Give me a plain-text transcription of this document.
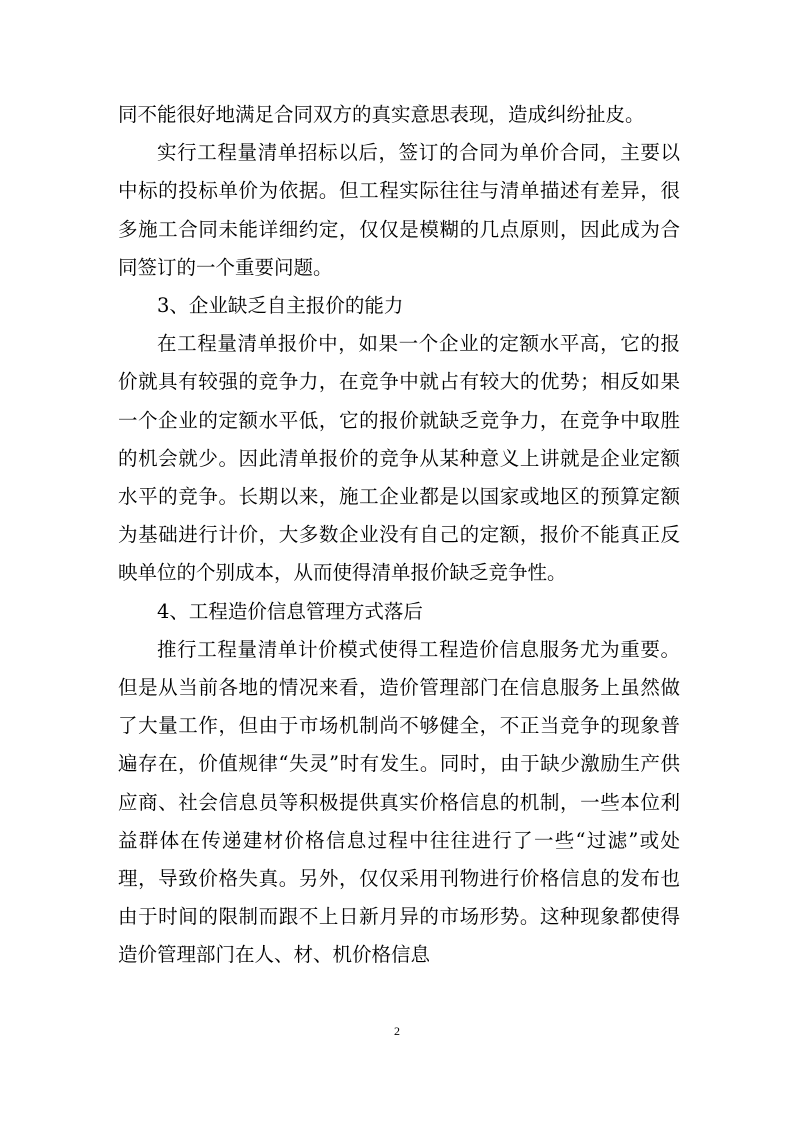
同不能很好地满足合同双方的真实意思表现，造成纠纷扯皮。

实行工程量清单招标以后，签订的合同为单价合同，主要以中标的投标单价为依据。但工程实际往往与清单描述有差异，很多施工合同未能详细约定，仅仅是模糊的几点原则，因此成为合同签订的一个重要问题。

3、企业缺乏自主报价的能力

在工程量清单报价中，如果一个企业的定额水平高，它的报价就具有较强的竞争力，在竞争中就占有较大的优势；相反如果一个企业的定额水平低，它的报价就缺乏竞争力，在竞争中取胜的机会就少。因此清单报价的竞争从某种意义上讲就是企业定额水平的竞争。长期以来，施工企业都是以国家或地区的预算定额为基础进行计价，大多数企业没有自己的定额，报价不能真正反映单位的个别成本，从而使得清单报价缺乏竞争性。

4、工程造价信息管理方式落后

推行工程量清单计价模式使得工程造价信息服务尤为重要。但是从当前各地的情况来看，造价管理部门在信息服务上虽然做了大量工作，但由于市场机制尚不够健全，不正当竞争的现象普遍存在，价值规律“失灵”时有发生。同时，由于缺少激励生产供应商、社会信息员等积极提供真实价格信息的机制，一些本位利益群体在传递建材价格信息过程中往往进行了一些“过滤”或处理，导致价格失真。另外，仅仅采用刊物进行价格信息的发布也由于时间的限制而跟不上日新月异的市场形势。这种现象都使得造价管理部门在人、材、机价格信息

2
